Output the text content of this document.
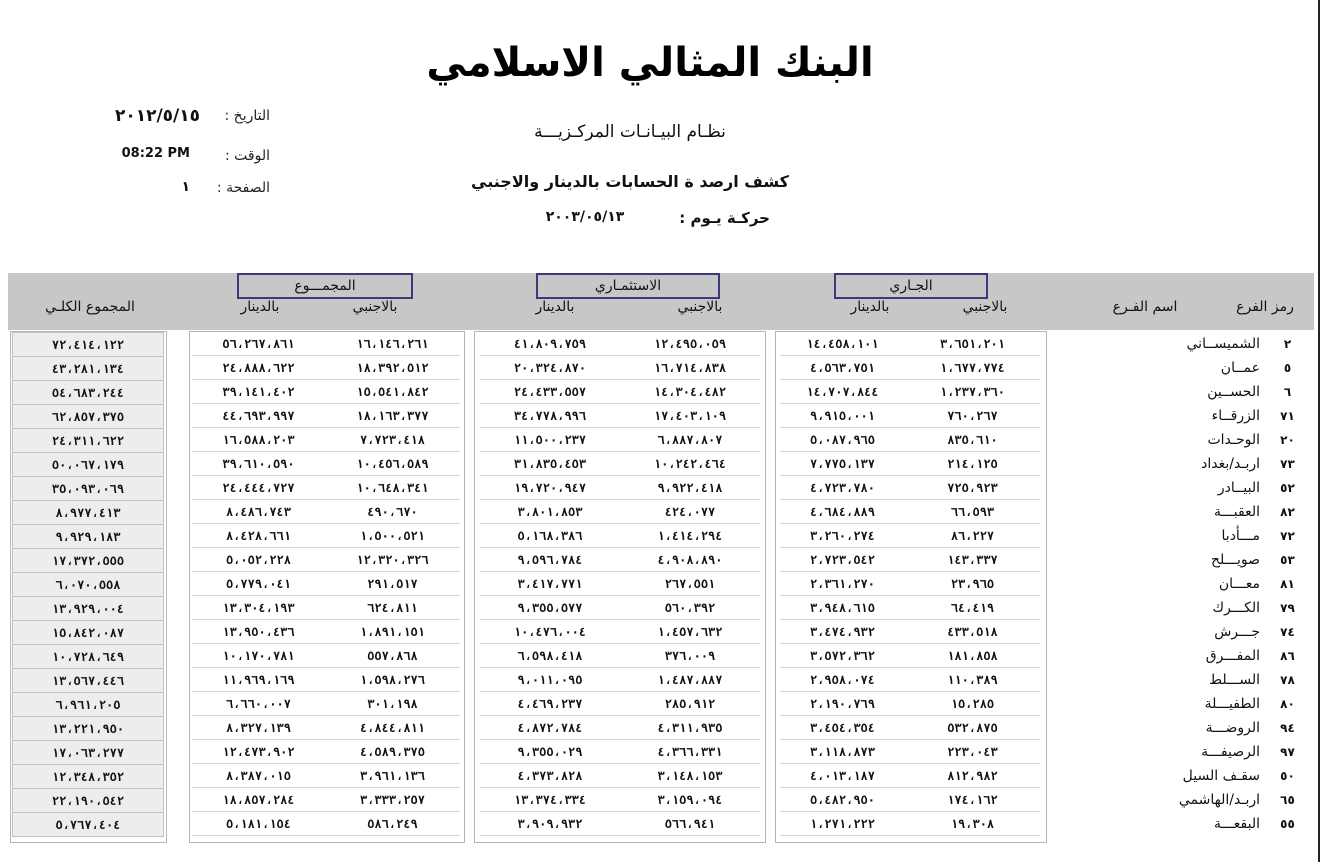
البنك المثالي الاسلامي
نظـام البيـانـات المركـزيـــة
كشف ارصد ة الحسابات بالدينار والاجنبي
حركـة يـوم :
٢٠٠٣/٠٥/١٣
التاريخ :
٢٠١٢/٥/١٥
الوقت :
08:22 PM
الصفحة :
١
المجمـــوع	الاستثمـاري	الجـاري
رمز الفرع
اسم الفـرع
بالاجنبي
بالدينار
بالاجنبي
بالدينار
بالاجنبي
بالدينار
المجموع الكلـي
٢
الشميســاني
٣،٦٥١،٢٠١
١٤،٤٥٨،١٠١
١٢،٤٩٥،٠٥٩
٤١،٨٠٩،٧٥٩
١٦،١٤٦،٢٦١
٥٦،٢٦٧،٨٦١
٧٢،٤١٤،١٢٢
٥
عمــان
١،٦٧٧،٧٧٤
٤،٥٦٣،٧٥١
١٦،٧١٤،٨٣٨
٢٠،٣٢٤،٨٧٠
١٨،٣٩٢،٥١٢
٢٤،٨٨٨،٦٢٢
٤٣،٢٨١،١٣٤
٦
الحســين
١،٢٣٧،٣٦٠
١٤،٧٠٧،٨٤٤
١٤،٣٠٤،٤٨٢
٢٤،٤٣٣،٥٥٧
١٥،٥٤١،٨٤٢
٣٩،١٤١،٤٠٢
٥٤،٦٨٣،٢٤٤
٧١
الزرقــاء
٧٦٠،٢٦٧
٩،٩١٥،٠٠١
١٧،٤٠٣،١٠٩
٣٤،٧٧٨،٩٩٦
١٨،١٦٣،٣٧٧
٤٤،٦٩٣،٩٩٧
٦٢،٨٥٧،٣٧٥
٢٠
الوحـدات
٨٣٥،٦١٠
٥،٠٨٧،٩٦٥
٦،٨٨٧،٨٠٧
١١،٥٠٠،٢٣٧
٧،٧٢٣،٤١٨
١٦،٥٨٨،٢٠٣
٢٤،٣١١،٦٢٢
٧٣
اربـد/بغداد
٢١٤،١٢٥
٧،٧٧٥،١٣٧
١٠،٢٤٢،٤٦٤
٣١،٨٣٥،٤٥٣
١٠،٤٥٦،٥٨٩
٣٩،٦١٠،٥٩٠
٥٠،٠٦٧،١٧٩
٥٢
البيــادر
٧٢٥،٩٢٣
٤،٧٢٣،٧٨٠
٩،٩٢٢،٤١٨
١٩،٧٢٠،٩٤٧
١٠،٦٤٨،٣٤١
٢٤،٤٤٤،٧٢٧
٣٥،٠٩٣،٠٦٩
٨٢
العقبـــة
٦٦،٥٩٣
٤،٦٨٤،٨٨٩
٤٢٤،٠٧٧
٣،٨٠١،٨٥٣
٤٩٠،٦٧٠
٨،٤٨٦،٧٤٣
٨،٩٧٧،٤١٣
٧٢
مـــأدبا
٨٦،٢٢٧
٣،٢٦٠،٢٧٤
١،٤١٤،٢٩٤
٥،١٦٨،٣٨٦
١،٥٠٠،٥٢١
٨،٤٢٨،٦٦١
٩،٩٢٩،١٨٣
٥٣
صويـــلح
١٤٣،٣٣٧
٢،٧٢٣،٥٤٢
٤،٩٠٨،٨٩٠
٩،٥٩٦،٧٨٤
١٢،٣٢٠،٣٢٦
٥،٠٥٢،٢٢٨
١٧،٣٧٢،٥٥٥
٨١
معـــان
٢٣،٩٦٥
٢،٣٦١،٢٧٠
٢٦٧،٥٥١
٣،٤١٧،٧٧١
٢٩١،٥١٧
٥،٧٧٩،٠٤١
٦،٠٧٠،٥٥٨
٧٩
الكـــرك
٦٤،٤١٩
٣،٩٤٨،٦١٥
٥٦٠،٣٩٢
٩،٣٥٥،٥٧٧
٦٢٤،٨١١
١٣،٣٠٤،١٩٣
١٣،٩٢٩،٠٠٤
٧٤
جـــرش
٤٣٣،٥١٨
٣،٤٧٤،٩٣٢
١،٤٥٧،٦٣٢
١٠،٤٧٦،٠٠٤
١،٨٩١،١٥١
١٣،٩٥٠،٤٣٦
١٥،٨٤٢،٠٨٧
٨٦
المفـــرق
١٨١،٨٥٨
٣،٥٧٢،٣٦٢
٣٧٦،٠٠٩
٦،٥٩٨،٤١٨
٥٥٧،٨٦٨
١٠،١٧٠،٧٨١
١٠،٧٢٨،٦٤٩
٧٨
الســـلط
١١٠،٣٨٩
٢،٩٥٨،٠٧٤
١،٤٨٧،٨٨٧
٩،٠١١،٠٩٥
١،٥٩٨،٢٧٦
١١،٩٦٩،١٦٩
١٣،٥٦٧،٤٤٦
٨٠
الطفيـــلة
١٥،٢٨٥
٢،١٩٠،٧٦٩
٢٨٥،٩١٢
٤،٤٦٩،٢٣٧
٣٠١،١٩٨
٦،٦٦٠،٠٠٧
٦،٩٦١،٢٠٥
٩٤
الروضـــة
٥٣٢،٨٧٥
٣،٤٥٤،٣٥٤
٤،٣١١،٩٣٥
٤،٨٧٢،٧٨٤
٤،٨٤٤،٨١١
٨،٣٢٧،١٣٩
١٣،٢٢١،٩٥٠
٩٧
الرصيفـــة
٢٢٣،٠٤٣
٣،١١٨،٨٧٣
٤،٣٦٦،٣٣١
٩،٣٥٥،٠٢٩
٤،٥٨٩،٣٧٥
١٢،٤٧٣،٩٠٢
١٧،٠٦٣،٢٧٧
٥٠
سقـف السيل
٨١٢،٩٨٢
٤،٠١٣،١٨٧
٣،١٤٨،١٥٣
٤،٣٧٣،٨٢٨
٣،٩٦١،١٣٦
٨،٣٨٧،٠١٥
١٢،٣٤٨،٣٥٢
٦٥
اربـد/الهاشمي
١٧٤،١٦٢
٥،٤٨٢،٩٥٠
٣،١٥٩،٠٩٤
١٣،٣٧٤،٣٣٤
٣،٣٣٣،٢٥٧
١٨،٨٥٧،٢٨٤
٢٢،١٩٠،٥٤٢
٥٥
البقعـــة
١٩،٣٠٨
١،٢٧١،٢٢٢
٥٦٦،٩٤١
٣،٩٠٩،٩٣٢
٥٨٦،٢٤٩
٥،١٨١،١٥٤
٥،٧٦٧،٤٠٤
